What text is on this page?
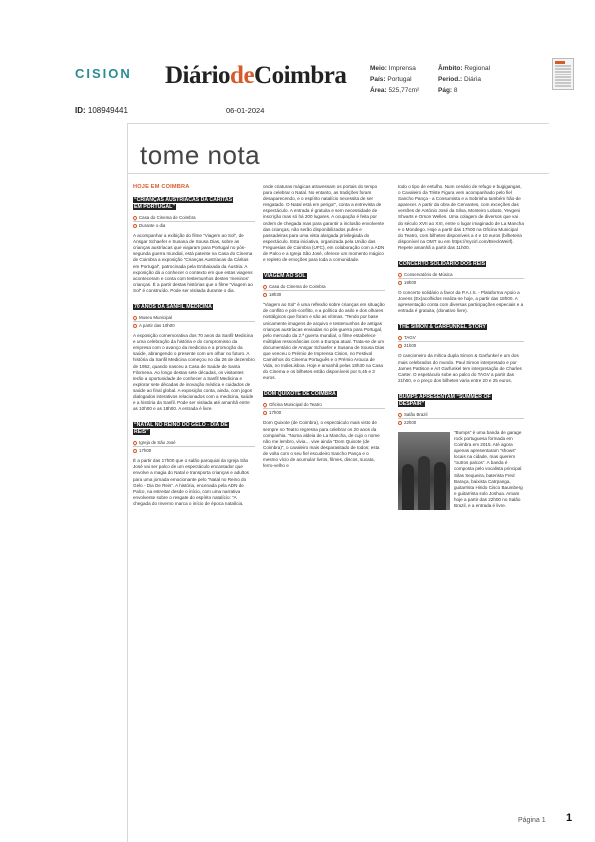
CISION DiáriodeCoimbra	Meio: Imprensa
País: Portugal
Área: 525,77cm²
Âmbito: Regional
Period.: Diária
Pág: 8
ID: 108949441	06-01-2024
tome nota
HOJE EM COIMBRA
“CRIANÇAS AUSTRÍACAS DA CÁRITAS EM PORTUGAL”
Casa do Cinema de Coimbra
Durante o dia

A acompanhar a exibição do filme “Viagem ao Sol”, de Ansgar Schaefer e Susana de Sousa Dias, sobre as crianças austríacas que viajaram para Portugal no pós-segunda guerra mundial, está patente na Casa do Cinema de Coimbra a exposição “Crianças Austríacas da Cáritas em Portugal”, patrocinada pela Embaixada da Áustria. A exposição dá a conhecer o contexto em que estas viagens aconteceram e conta com testemunhos destes ‘meninos’ crianças. É a partir destas histórias que o filme “Viagem ao Sol” é construído. Pode ser visitada durante o dia.

70 ANOS DA SANFIL MEDICINA
Museu Municipal
A partir das 10h00

A exposição comemorativa dos 70 anos da Sanfil Medicina e uma celebração da história e do compromisso da empresa com o avanço da medicina e a promoção da saúde, abrangendo o presente com um olhar no futuro. A história da Sanfil Medicina começou no dia 26 de dezembro de 1952, quando nasceu a Casa de Saúde de Santa Filomena. Ao longo destas sete décadas, os visitantes terão a oportunidade de conhecer a Sanfil Medicina e explorar sete décadas de inovação médica e cuidados de saúde ao final global. A exposição conta, ainda, com jogos dialogados interativos relacionados com a medicina, saúde e a história da Sanfil. Pode ser visitada até amanhã entre as 10h00 e as 18h00. A entrada é livre.

“NATAL NO REINO DO GELO - DIA DE REIS”
Igreja de São José
17h00

É a partir das 17h00 que o salão paroquial da Igreja São José vai ser palco de um espectáculo encantador que envolve a magia do Natal e transporta crianças e adultos para uma jornada emocionante pelo “Natal no Reino do Gelo - Dia De Reis”. A história, encenada pela ADN de Palco, na estreitar desde o início, com uma narrativa envolvente sobre o resgate do espírito natalício: “A chegada do Inverno marca o início de época natalícia,

onde criaturas mágicas atravessam os portais do tempo para celebrar o Natal. No entanto, as tradições foram desaparecendo, e o espírito natalício necessita de ser resgatado. O Natal está em perigo!”, conta a entrevista de espectáculo. A entrada é gratuita e sem necessidade de inscrição mas só há 200 lugares. A ocupação é feita por ordem de chegada mas para garantir a inclusão envolvente das crianças, não serão disponibilizados pufes e passadeiras para uma vista alargada privilegiada do espectáculo. Esta iniciativa, organizada pela União das Freguesias de Coimbra (UFC), em colaboração com a ADN de Palco e a Igreja São José, oferece um momento mágico e repleto de emoções para toda a comunidade.

VIAGEM AO SOL
Casa do Cinema de Coimbra
18h30

“Viagem ao Sol” é uma reflexão sobre crianças em situação de conflito e pós-conflito, e a política do asilo e dos olhares nostálgicos que foram e são as vítimas. “Tendo por base unicamente imagens de arquivo e testemunhos de antigas crianças austríacas enviadas no pós-guerra para Portugal, pelo mercado da 2.ª guerra mundial, o filme estabelece múltiplas ressonâncias com a Europa atual. Trata-se de um documentário de Ansgar Schaefer e Susana de Sousa Dias que venceu o Prémio de Imprensa Cision, no Festival Caminhos do Cinema Português e o Prémio Arouca de Vida, no IndieLisboa. Hoje e amanhã pelas 18h30 na Casa do Cinema e os bilhetes estão disponíveis por 6,45 e 3 euros.

DOM QUIXOTE DE COIMBRA
Oficina Municipal do Teatro
17h00

Dom Quixote (de Coimbra), o espectáculo mais visto de sempre no Teatro regressa para celebrar os 20 anos da companhia. “Numa aldeia de La Mancha, de cujo o nome não me lembro, vivia… vive ainda “Dom Quixote (de Coimbra)”, o cavaleiro mais desparasitado de todos; esta de volta com o seu fiel escudeiro Sancho Pança e o mesmo vício de acumular livros, filmes, discos, sucata, ferro-velho e

todo o tipo de entulho. Num cenário de refugo e bugigangas, o Cavaleiro da Triste Figura vem acompanhado pelo fiel Sancho Pança - a Consumista e a Sobrinha também hão-de aparecer. A partir da obra de Cervantes, com exceções das versões de António José da Silva, Monteiro Lobato, Yevgeni Shvarts e Orson Welles. Uma colagem de diversos que vai do século XVII ao XXI, entre o lugar imaginado de La Mancha e o Mondego. Hoje a partir das 17h00 na Oficina Municipal do Teatro, com bilhetes disponíveis a 4 e 10 euros (bilheteira disponível na OMT ou em https://mycirl.com/BreckWeiIf). Repete amanhã a partir das 11h00.

CONCERTO SOLIDÁRIO DOS REIS
Conservatório de Música
18h00

O concerto solidário a favor da P.A.I.S. - Plataforma Apoio a Jovens (Ex)acolhidos realiza-se hoje, a partir das 18h00. A apresentação conta com diversas participações especiais e a entrada é gratuita, (donativo livre).

THE SIMON & GARFUNKEL STORY
TAGV
21h00

O cancioneiro da mítica dupla Simon & Garfunkel e um dos mais celebrados do mundo. Paul Simon interpretado e por James Pattison e Art Garfunkel tem interpretação de Charles Carter. O espetáculo sobe ao palco do TAGV a partir das 21h00, e o preço dos bilhetes varia entre 20 e 25 euros.

BUMPS APRESENTAM “SUMMER OF DESPAIR”
Salão Brazil
22h00

“Bumps” é uma banda de garage rock portuguesa formada em Coimbra em 2015. Até agora apenas apresentaram “shows” locais na cidade, mas querem “outros palcos”. A banda é composta pelo vocalista principal Silas Sequeira, baterista Fred Baraça, baixista Catrpanga, guitarrista Hirido Cisco Baumberg e guitarrista solo Joshua. Amam hoje a partir das 22h00 no Salão Brazil, e a entrada é livre.

Página 1 1
